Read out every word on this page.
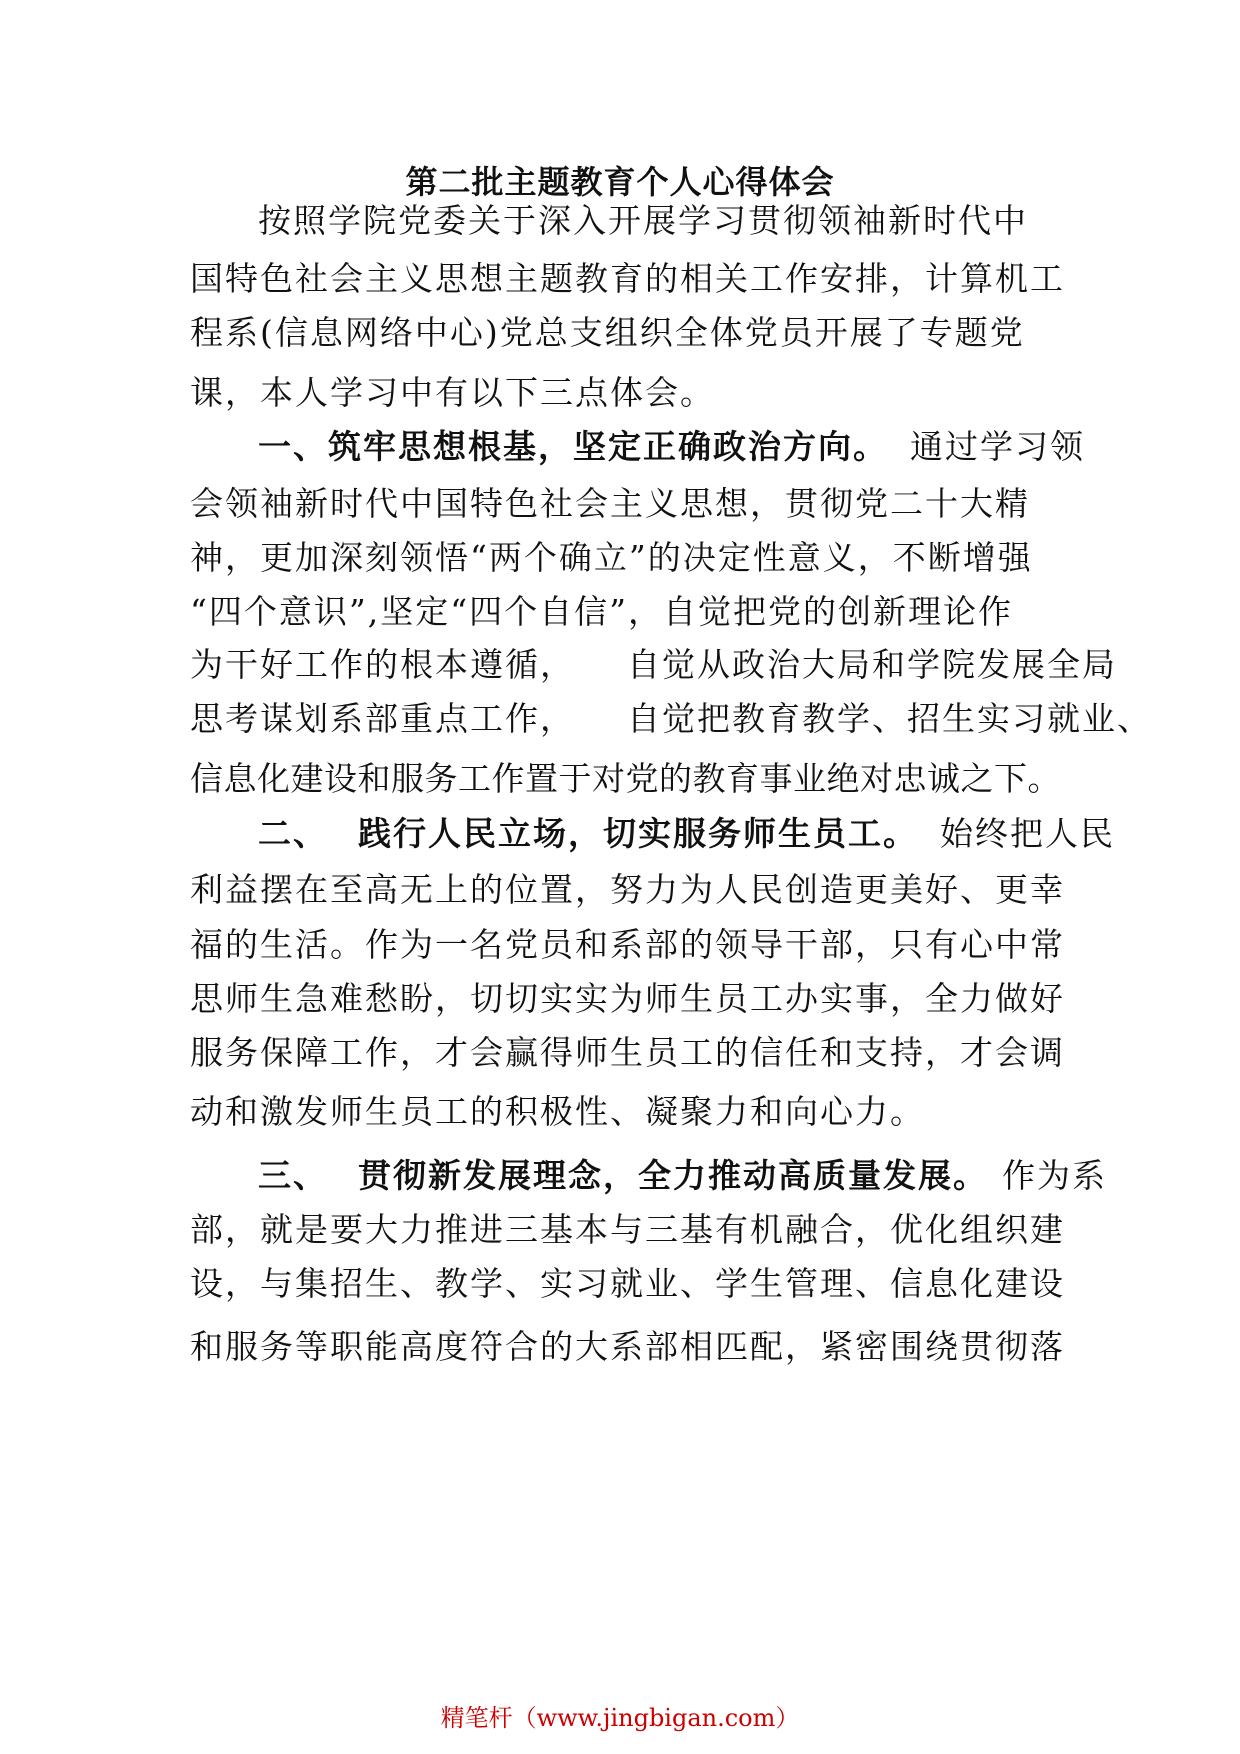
第二批主题教育个人心得体会
按照学院党委关于深入开展学习贯彻领袖新时代中
国特色社会主义思想主题教育的相关工作安排，计算机工
程系(信息网络中心)党总支组织全体党员开展了专题党
课，本人学习中有以下三点体会。
一、筑牢思想根基，坚定正确政治方向。 通过学习领
会领袖新时代中国特色社会主义思想，贯彻党二十大精
神，更加深刻领悟“两个确立”的决定性意义，不断增强
“四个意识”,坚定“四个自信”，自觉把党的创新理论作
为干好工作的根本遵循， 自觉从政治大局和学院发展全局
思考谋划系部重点工作， 自觉把教育教学、招生实习就业、
信息化建设和服务工作置于对党的教育事业绝对忠诚之下。
二、 践行人民立场，切实服务师生员工。 始终把人民
利益摆在至高无上的位置，努力为人民创造更美好、更幸
福的生活。作为一名党员和系部的领导干部，只有心中常
思师生急难愁盼，切切实实为师生员工办实事，全力做好
服务保障工作，才会赢得师生员工的信任和支持，才会调
动和激发师生员工的积极性、凝聚力和向心力。
三、 贯彻新发展理念，全力推动高质量发展。 作为系
部，就是要大力推进三基本与三基有机融合，优化组织建
设，与集招生、教学、实习就业、学生管理、信息化建设
和服务等职能高度符合的大系部相匹配，紧密围绕贯彻落
精笔杆（www.jingbigan.com）
